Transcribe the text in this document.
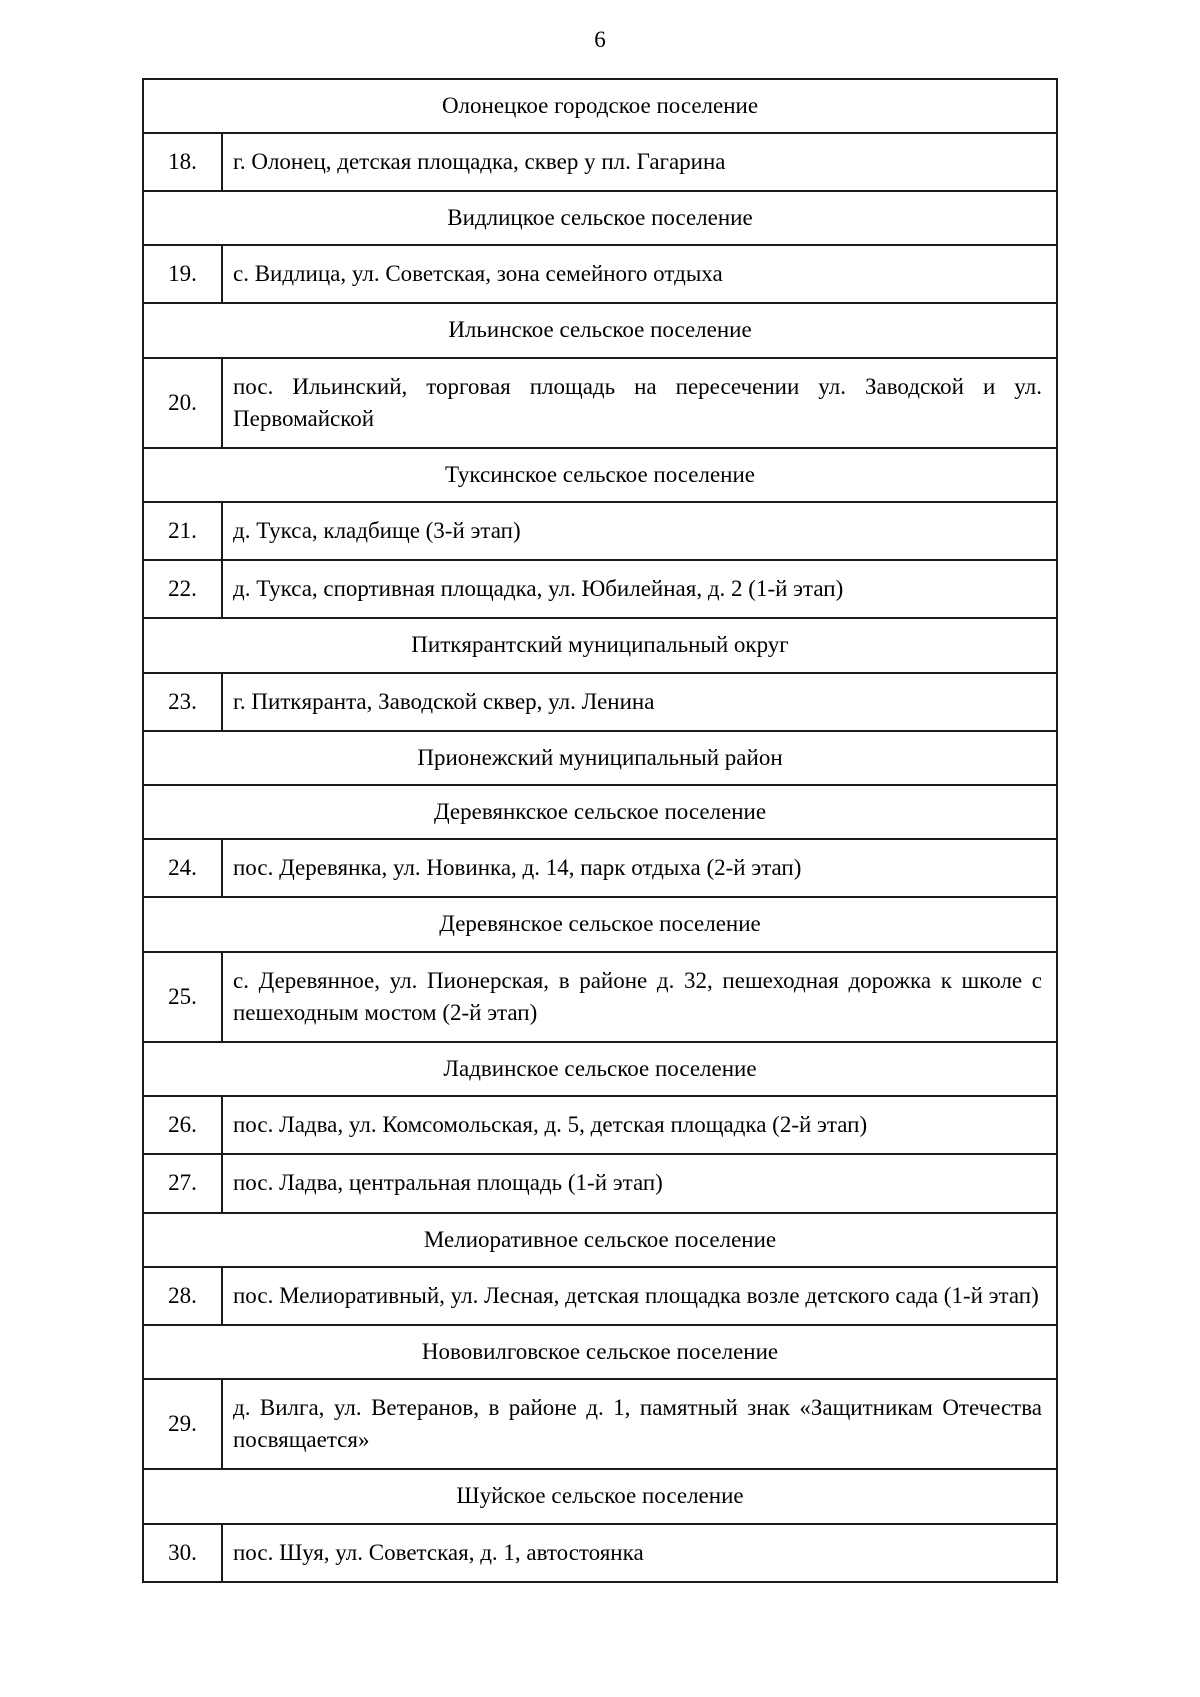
6
Олонецкое городское поселение	
18.	г. Олонец, детская площадка, сквер у пл. Гагарина
Видлицкое сельское поселение	
19.	с. Видлица, ул. Советская, зона семейного отдыха
Ильинское сельское поселение	
20.	пос. Ильинский, торговая площадь на пересечении ул. Заводской и ул. Первомайской
Туксинское сельское поселение	
21.	д. Тукса, кладбище (3-й этап)
22.	д. Тукса, спортивная площадка, ул. Юбилейная, д. 2 (1-й этап)
Питкярантский муниципальный округ	
23.	г. Питкяранта, Заводской сквер, ул. Ленина
Прионежский муниципальный район	
Деревянкское сельское поселение	
24.	пос. Деревянка, ул. Новинка, д. 14, парк отдыха (2-й этап)
Деревянское сельское поселение	
25.	с. Деревянное, ул. Пионерская, в районе д. 32, пешеходная дорожка к школе с пешеходным мостом (2-й этап)
Ладвинское сельское поселение	
26.	пос. Ладва, ул. Комсомольская, д. 5, детская площадка (2-й этап)
27.	пос. Ладва, центральная площадь (1-й этап)
Мелиоративное сельское поселение	
28.	пос. Мелиоративный, ул. Лесная, детская площадка возле детского сада (1-й этап)
Нововилговское сельское поселение	
29.	д. Вилга, ул. Ветеранов, в районе д. 1, памятный знак «Защитникам Отечества посвящается»
Шуйское сельское поселение	
30.	пос. Шуя, ул. Советская, д. 1, автостоянка
